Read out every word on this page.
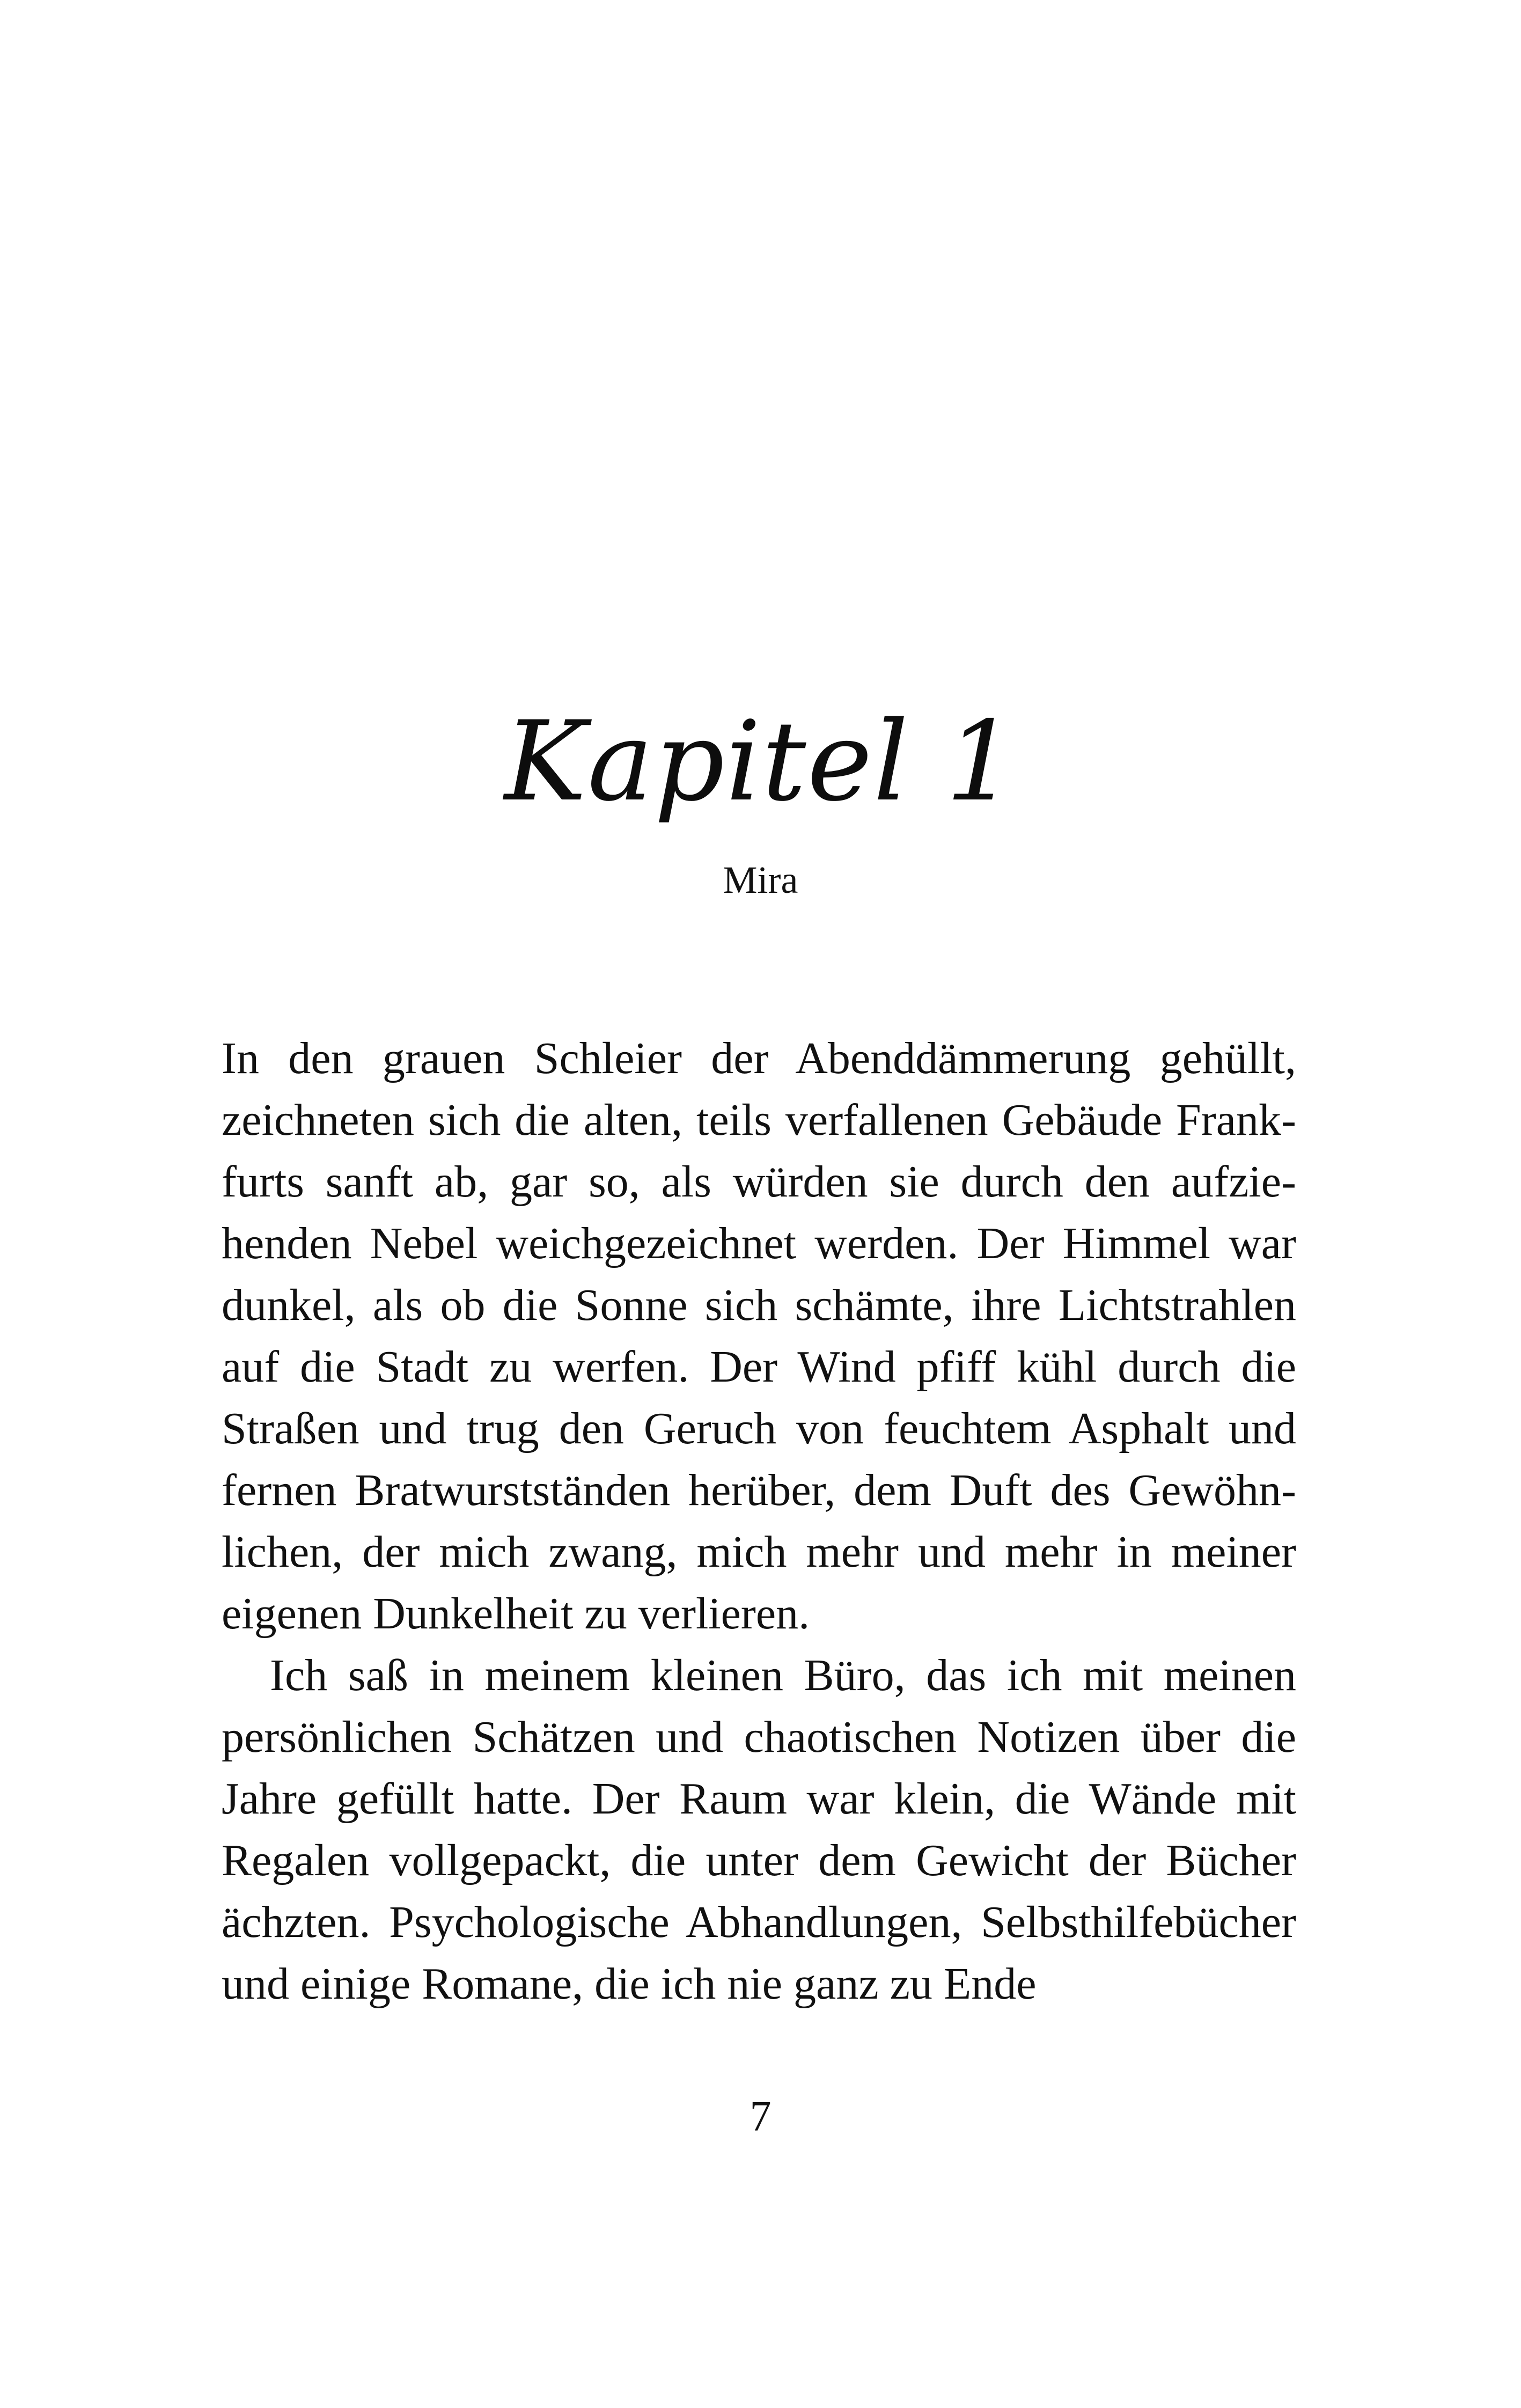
Kapitel 1
Mira

In den grauen Schleier der Abenddämmerung gehüllt, zeichneten sich die alten, teils verfallenen Gebäude Frankfurts sanft ab, gar so, als würden sie durch den aufziehenden Nebel weichgezeichnet werden. Der Himmel war dunkel, als ob die Sonne sich schämte, ihre Lichtstrahlen auf die Stadt zu werfen. Der Wind pfiff kühl durch die Straßen und trug den Geruch von feuchtem Asphalt und fernen Bratwurstständen herüber, dem Duft des Gewöhnlichen, der mich zwang, mich mehr und mehr in meiner eigenen Dunkelheit zu verlieren.

Ich saß in meinem kleinen Büro, das ich mit meinen persönlichen Schätzen und chaotischen Notizen über die Jahre gefüllt hatte. Der Raum war klein, die Wände mit Regalen vollgepackt, die unter dem Gewicht der Bücher ächzten. Psychologische Abhandlungen, Selbsthilfebücher und einige Romane, die ich nie ganz zu Ende

7
